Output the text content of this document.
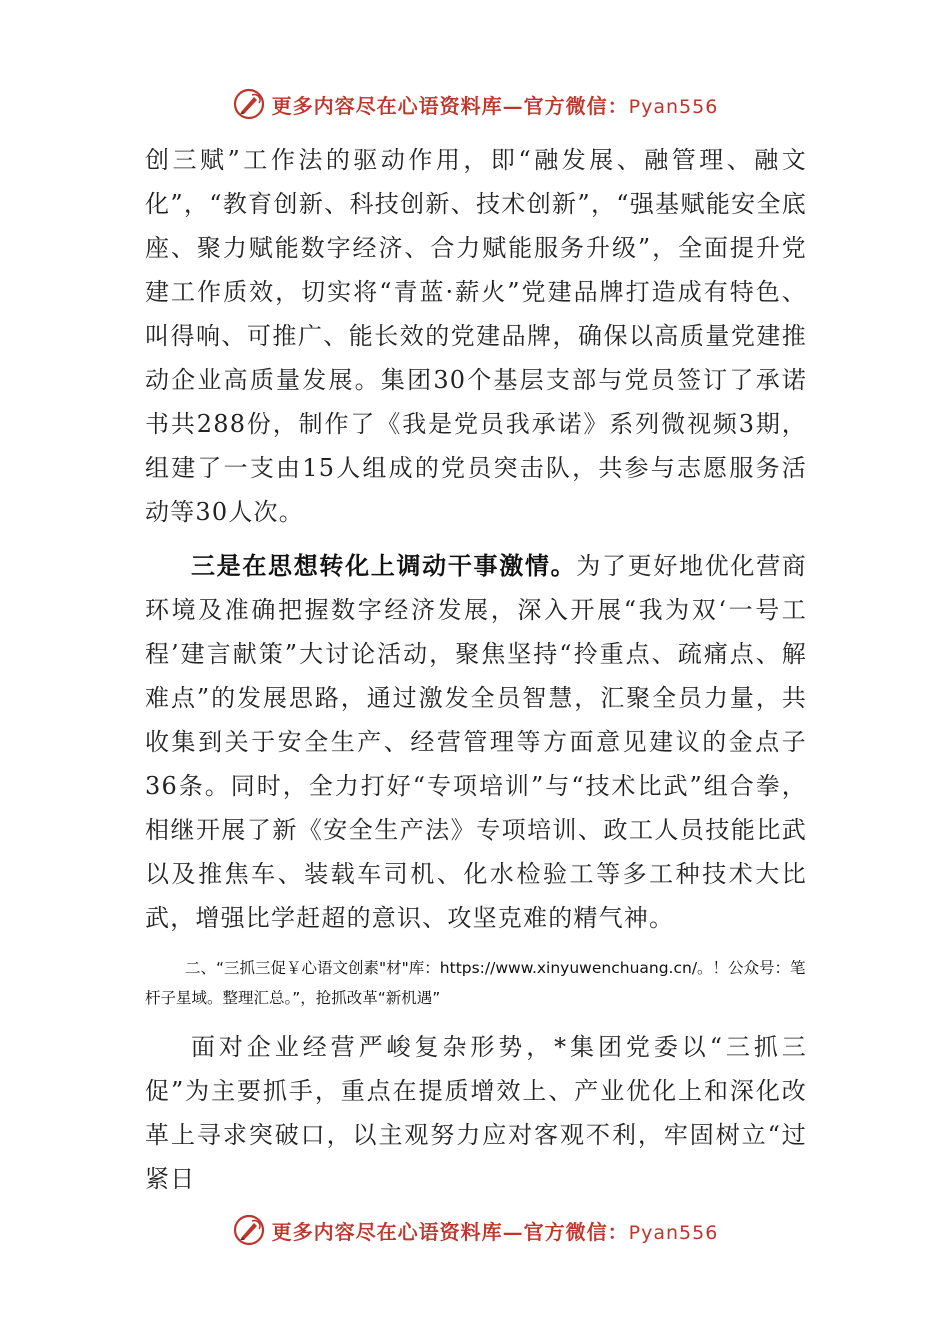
更多内容尽在心语资料库—官方微信：Pyan556

创三赋”工作法的驱动作用，即“融发展、融管理、融文化”，“教育创新、科技创新、技术创新”，“强基赋能安全底座、聚力赋能数字经济、合力赋能服务升级”，全面提升党建工作质效，切实将“青蓝·薪火”党建品牌打造成有特色、叫得响、可推广、能长效的党建品牌，确保以高质量党建推动企业高质量发展。集团30个基层支部与党员签订了承诺书共288份，制作了《我是党员我承诺》系列微视频3期，组建了一支由15人组成的党员突击队，共参与志愿服务活动等30人次。

三是在思想转化上调动干事激情。为了更好地优化营商环境及准确把握数字经济发展，深入开展“我为双‘一号工程’建言献策”大讨论活动，聚焦坚持“拎重点、疏痛点、解难点”的发展思路，通过激发全员智慧，汇聚全员力量，共收集到关于安全生产、经营管理等方面意见建议的金点子36条。同时，全力打好“专项培训”与“技术比武”组合拳，相继开展了新《安全生产法》专项培训、政工人员技能比武以及推焦车、装载车司机、化水检验工等多工种技术大比武，增强比学赶超的意识、攻坚克难的精气神。

二、“三抓三促￥心语文创素"材"库：https://www.xinyuwenchuang.cn/。！公众号：笔杆子星域。整理汇总。”，抢抓改革“新机遇”

面对企业经营严峻复杂形势，*集团党委以“三抓三促”为主要抓手，重点在提质增效上、产业优化上和深化改革上寻求突破口，以主观努力应对客观不利，牢固树立“过紧日

更多内容尽在心语资料库—官方微信：Pyan556
